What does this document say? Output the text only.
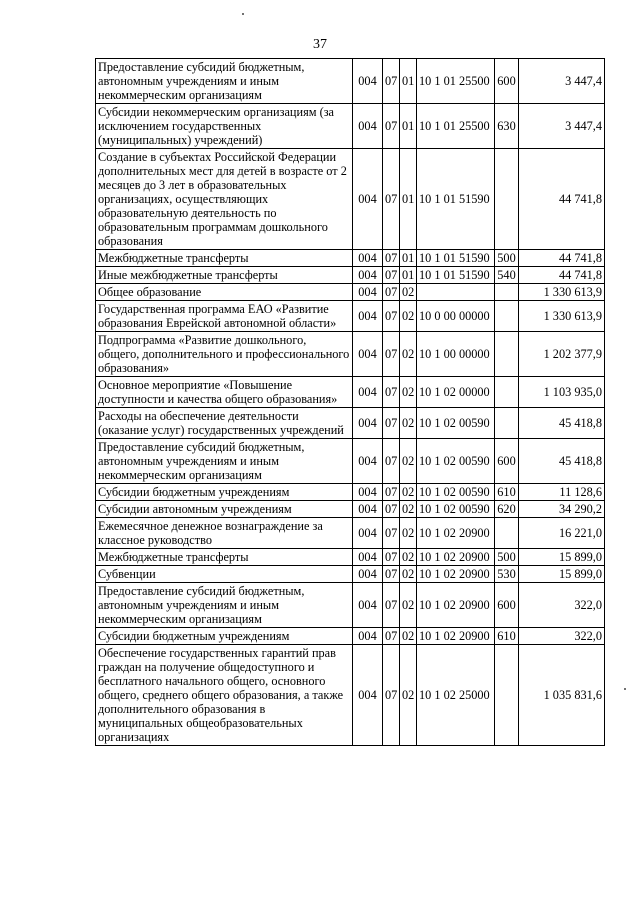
37
Предоставление субсидий бюджетным, автономным учреждениям и иным некоммерческим организациям	004	07	01	10 1 01 25500	600	3 447,4
Субсидии некоммерческим организациям (за исключением государственных (муниципальных) учреждений)	004	07	01	10 1 01 25500	630	3 447,4
Создание в субъектах Российской Федерации дополнительных мест для детей в возрасте от 2 месяцев до 3 лет в образовательных организациях, осуществляющих образовательную деятельность по образовательным программам дошкольного образования	004	07	01	10 1 01 51590		44 741,8
Межбюджетные трансферты	004	07	01	10 1 01 51590	500	44 741,8
Иные межбюджетные трансферты	004	07	01	10 1 01 51590	540	44 741,8
Общее образование	004	07	02			1 330 613,9
Государственная программа ЕАО «Развитие образования Еврейской автономной области»	004	07	02	10 0 00 00000		1 330 613,9
Подпрограмма «Развитие дошкольного, общего, дополнительного и профессионального образования»	004	07	02	10 1 00 00000		1 202 377,9
Основное мероприятие «Повышение доступности и качества общего образования»	004	07	02	10 1 02 00000		1 103 935,0
Расходы на обеспечение деятельности (оказание услуг) государственных учреждений	004	07	02	10 1 02 00590		45 418,8
Предоставление субсидий бюджетным, автономным учреждениям и иным некоммерческим организациям	004	07	02	10 1 02 00590	600	45 418,8
Субсидии бюджетным учреждениям	004	07	02	10 1 02 00590	610	11 128,6
Субсидии автономным учреждениям	004	07	02	10 1 02 00590	620	34 290,2
Ежемесячное денежное вознаграждение за классное руководство	004	07	02	10 1 02 20900		16 221,0
Межбюджетные трансферты	004	07	02	10 1 02 20900	500	15 899,0
Субвенции	004	07	02	10 1 02 20900	530	15 899,0
Предоставление субсидий бюджетным, автономным учреждениям и иным некоммерческим организациям	004	07	02	10 1 02 20900	600	322,0
Субсидии бюджетным учреждениям	004	07	02	10 1 02 20900	610	322,0
Обеспечение государственных гарантий прав граждан на получение общедоступного и бесплатного начального общего, основного общего, среднего общего образования, а также дополнительного образования в муниципальных общеобразовательных организациях	004	07	02	10 1 02 25000		1 035 831,6
